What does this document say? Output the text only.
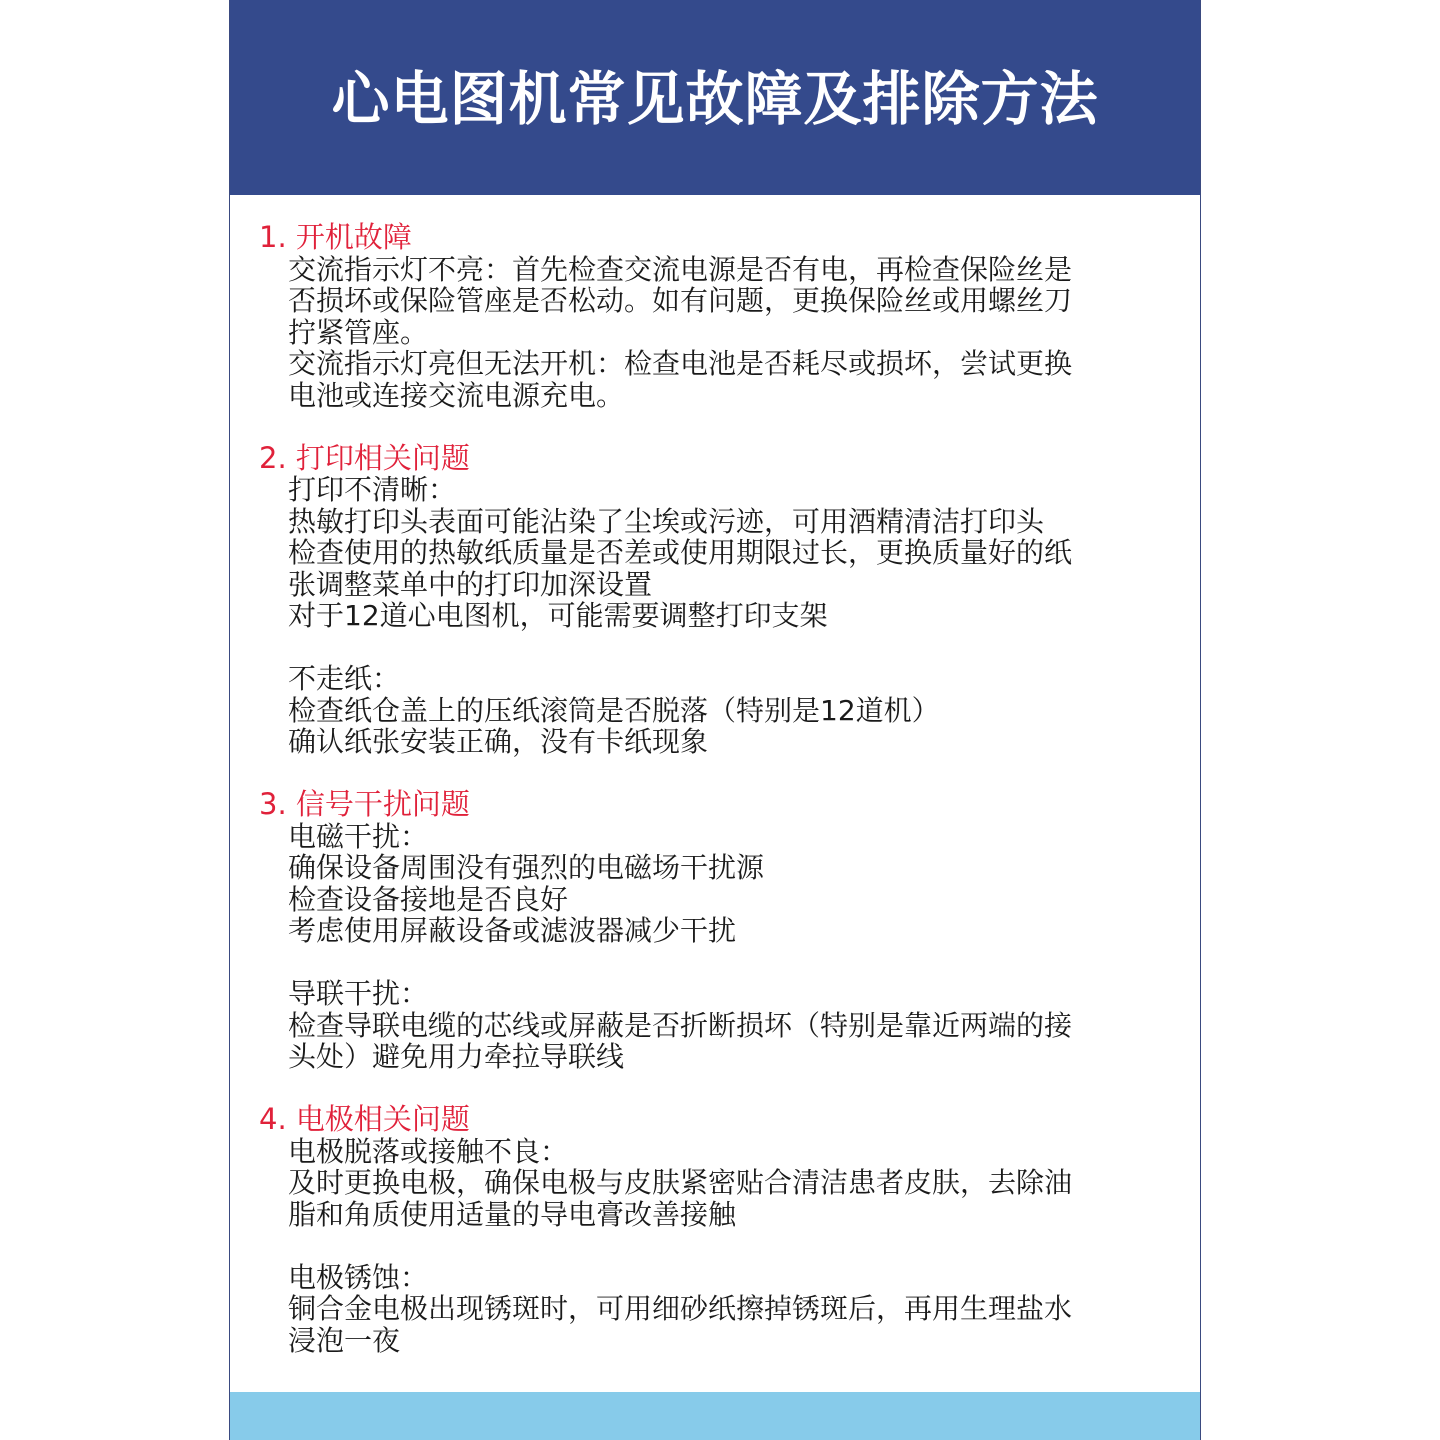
心电图机常见故障及排除方法
1. 开机故障
交流指示灯不亮：首先检查交流电源是否有电，再检查保险丝是
否损坏或保险管座是否松动。如有问题，更换保险丝或用螺丝刀
拧紧管座。
交流指示灯亮但无法开机：检查电池是否耗尽或损坏，尝试更换
电池或连接交流电源充电。
2. 打印相关问题
打印不清晰：
热敏打印头表面可能沾染了尘埃或污迹，可用酒精清洁打印头
检查使用的热敏纸质量是否差或使用期限过长，更换质量好的纸
张调整菜单中的打印加深设置
对于12道心电图机，可能需要调整打印支架
不走纸：
检查纸仓盖上的压纸滚筒是否脱落（特别是12道机）
确认纸张安装正确，没有卡纸现象
3. 信号干扰问题
电磁干扰：
确保设备周围没有强烈的电磁场干扰源
检查设备接地是否良好
考虑使用屏蔽设备或滤波器减少干扰
导联干扰：
检查导联电缆的芯线或屏蔽是否折断损坏（特别是靠近两端的接
头处）避免用力牵拉导联线
4. 电极相关问题
电极脱落或接触不良：
及时更换电极，确保电极与皮肤紧密贴合清洁患者皮肤，去除油
脂和角质使用适量的导电膏改善接触
电极锈蚀：
铜合金电极出现锈斑时，可用细砂纸擦掉锈斑后，再用生理盐水
浸泡一夜
